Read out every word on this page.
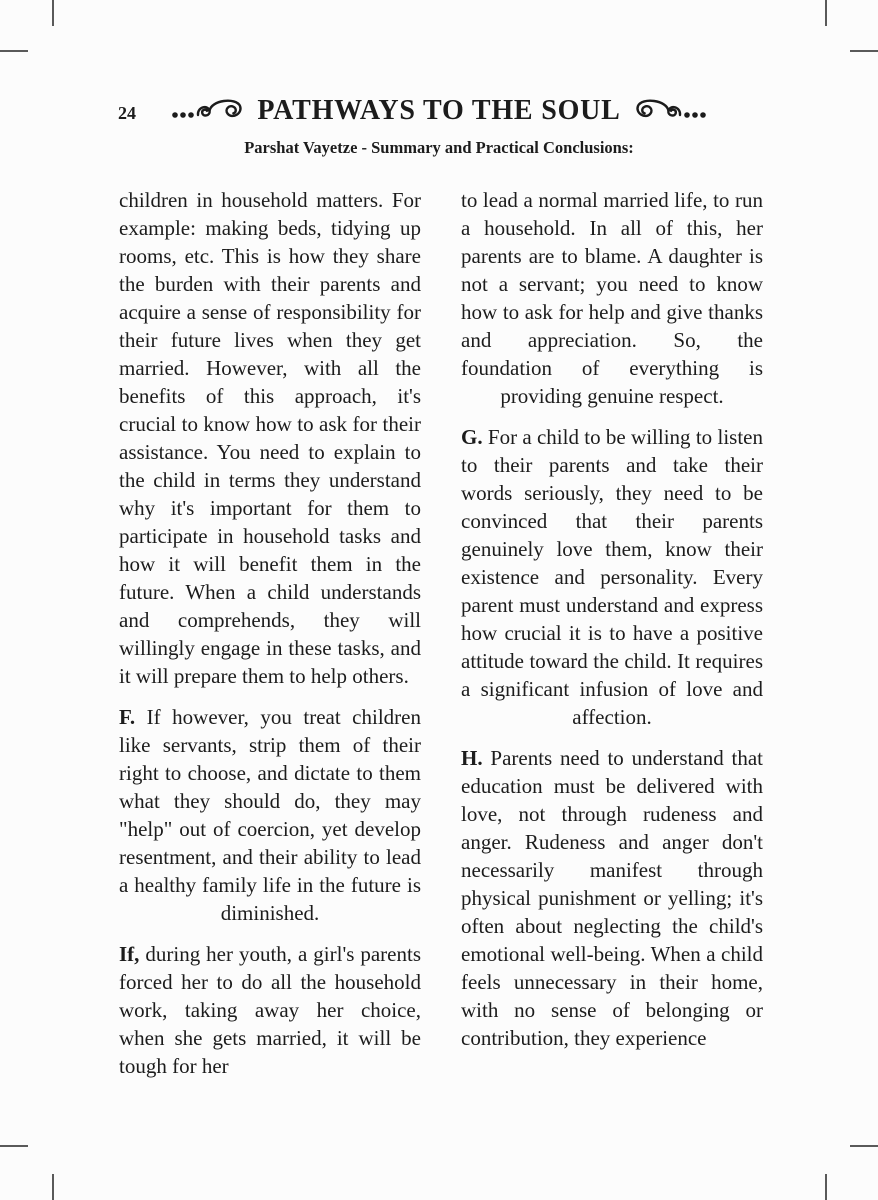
24	PATHWAYS TO THE SOUL
Parshat Vayetze - Summary and Practical Conclusions:

children in household matters. For example: making beds, tidying up rooms, etc. This is how they share the burden with their parents and acquire a sense of responsibility for their future lives when they get married. However, with all the benefits of this approach, it's crucial to know how to ask for their assistance. You need to explain to the child in terms they understand why it's important for them to participate in household tasks and how it will benefit them in the future. When a child understands and comprehends, they will willingly engage in these tasks, and it will prepare them to help others.

F. If however, you treat children like servants, strip them of their right to choose, and dictate to them what they should do, they may "help" out of coercion, yet develop resentment, and their ability to lead a healthy family life in the future is diminished.

If, during her youth, a girl's parents forced her to do all the household work, taking away her choice, when she gets married, it will be tough for her

to lead a normal married life, to run a household. In all of this, her parents are to blame. A daughter is not a servant; you need to know how to ask for help and give thanks and appreciation. So, the foundation of everything is providing genuine respect.

G. For a child to be willing to listen to their parents and take their words seriously, they need to be convinced that their parents genuinely love them, know their existence and personality. Every parent must understand and express how crucial it is to have a positive attitude toward the child. It requires a significant infusion of love and affection.

H. Parents need to understand that education must be delivered with love, not through rudeness and anger. Rudeness and anger don't necessarily manifest through physical punishment or yelling; it's often about neglecting the child's emotional well-being. When a child feels unnecessary in their home, with no sense of belonging or contribution, they experience
